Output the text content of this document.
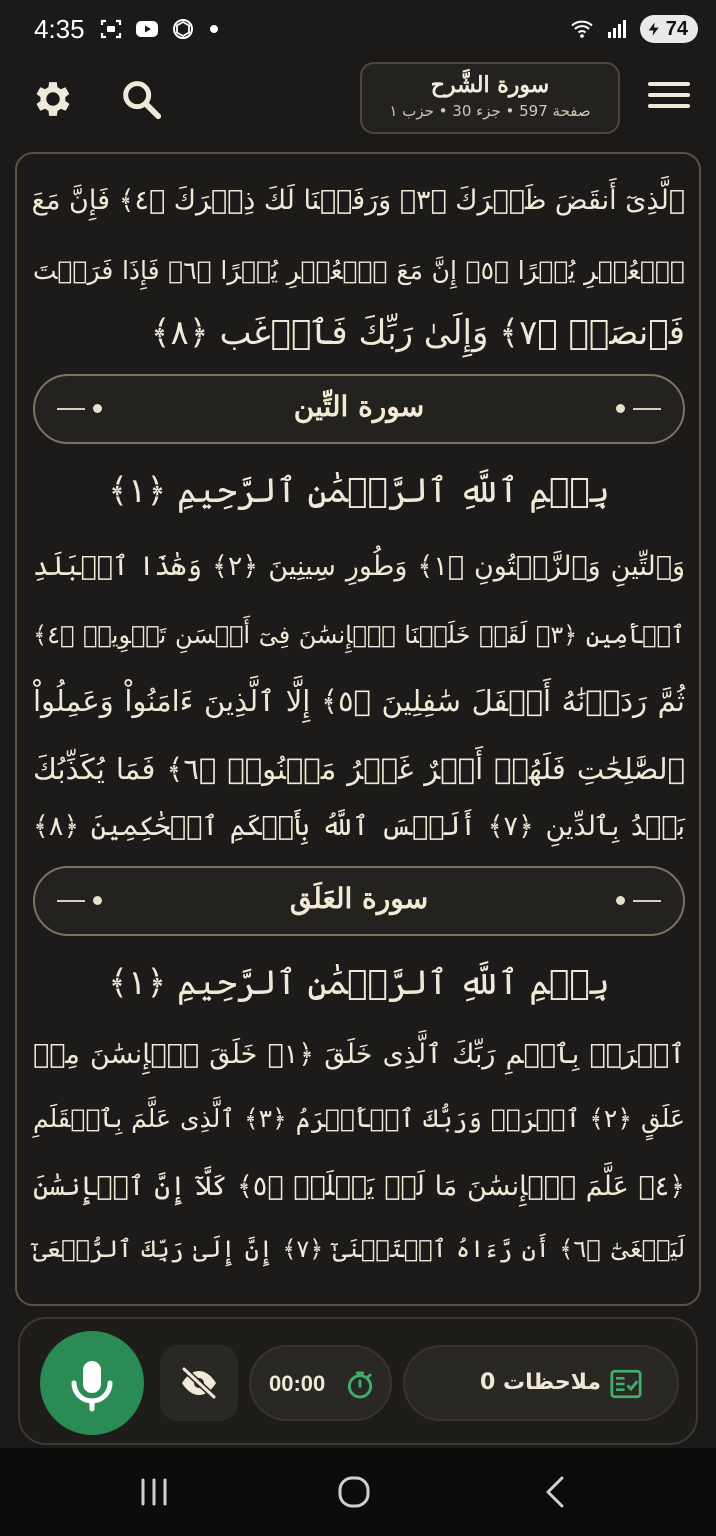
4:35	74
سورة الشَّرح
صفحة 597 • جزء 30 • حزب ١
ٱلَّذِىٓ أَنقَضَ ظَهۡرَكَ ﴿٣﴾ وَرَفَعۡنَا لَكَ ذِكۡرَكَ ﴿٤﴾ فَإِنَّ مَعَ
ٱلۡعُسۡرِ يُسۡرًا ﴿٥﴾ إِنَّ مَعَ ٱلۡعُسۡرِ يُسۡرًا ﴿٦﴾ فَإِذَا فَرَغۡتَ
فَٱنصَبۡ ﴿٧﴾ وَإِلَىٰ رَبِّكَ فَٱرۡغَب ﴿٨﴾
سورة التِّين
بِسۡمِ ٱللَّهِ ٱلرَّحۡمَٰنِ ٱلرَّحِيمِ ﴿١﴾
وَٱلتِّينِ وَٱلزَّيۡتُونِ ﴿١﴾ وَطُورِ سِينِينَ ﴿٢﴾ وَهَٰذَا ٱلۡبَلَدِ
ٱلۡأَمِينِ ﴿٣﴾ لَقَدۡ خَلَقۡنَا ٱلۡإِنسَٰنَ فِىٓ أَحۡسَنِ تَقۡوِيمٖ ﴿٤﴾
ثُمَّ رَدَدۡنَٰهُ أَسۡفَلَ سَٰفِلِينَ ﴿٥﴾ إِلَّا ٱلَّذِينَ ءَامَنُواْ وَعَمِلُواْ
ٱلصَّٰلِحَٰتِ فَلَهُمۡ أَجۡرٌ غَيۡرُ مَمۡنُونٖ ﴿٦﴾ فَمَا يُكَذِّبُكَ
بَعۡدُ بِٱلدِّينِ ﴿٧﴾ أَلَيۡسَ ٱللَّهُ بِأَحۡكَمِ ٱلۡحَٰكِمِينَ ﴿٨﴾
سورة العَلَق
بِسۡمِ ٱللَّهِ ٱلرَّحۡمَٰنِ ٱلرَّحِيمِ ﴿١﴾
ٱقۡرَأۡ بِٱسۡمِ رَبِّكَ ٱلَّذِى خَلَقَ ﴿١﴾ خَلَقَ ٱلۡإِنسَٰنَ مِنۡ
عَلَقٍ ﴿٢﴾ ٱقۡرَأۡ وَرَبُّكَ ٱلۡأَكۡرَمُ ﴿٣﴾ ٱلَّذِى عَلَّمَ بِٱلۡقَلَمِ
﴿٤﴾ عَلَّمَ ٱلۡإِنسَٰنَ مَا لَمۡ يَعۡلَمۡ ﴿٥﴾ كَلَّآ إِنَّ ٱلۡإِنسَٰنَ
لَيَطۡغَىٰٓ ﴿٦﴾ أَن رَّءَاهُ ٱسۡتَغۡنَىٰٓ ﴿٧﴾ إِنَّ إِلَىٰ رَبِّكَ ٱلرُّجۡعَىٰٓ
00:00	ملاحظات 0
